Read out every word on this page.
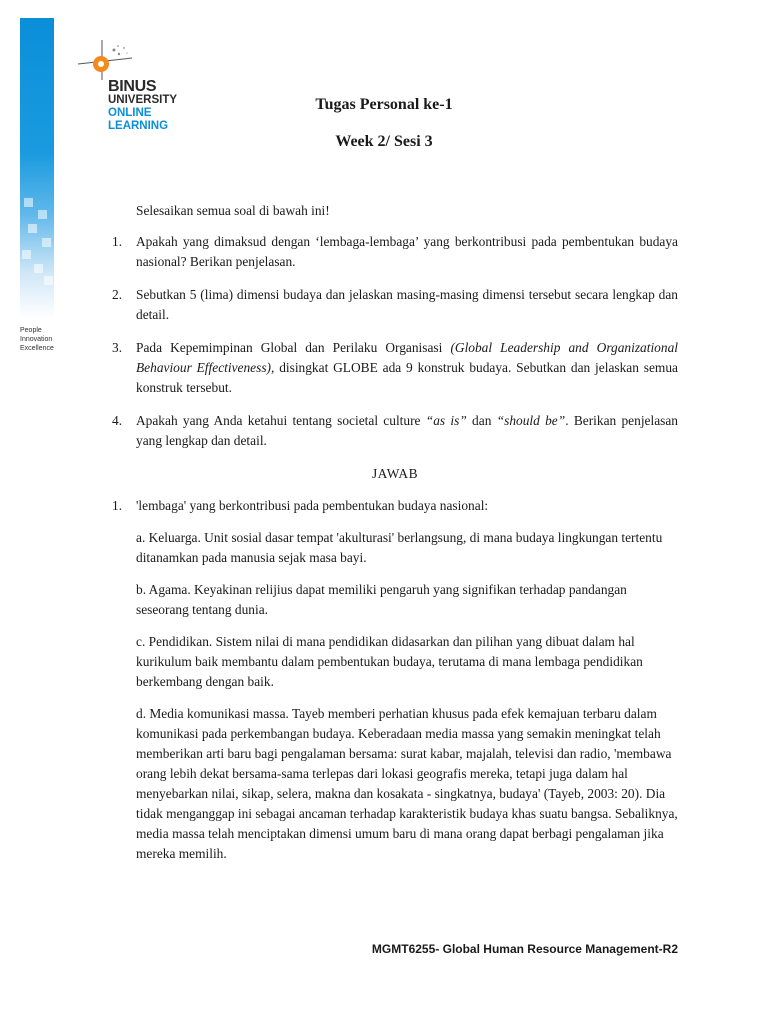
People
Innovation
Excellence
BINUS
UNIVERSITY
ONLINE
LEARNING
Tugas Personal ke-1
Week 2/ Sesi 3

Selesaikan semua soal di bawah ini!

1. Apakah yang dimaksud dengan ‘lembaga-lembaga’ yang berkontribusi pada pembentukan budaya nasional? Berikan penjelasan.
2. Sebutkan 5 (lima) dimensi budaya dan jelaskan masing-masing dimensi tersebut secara lengkap dan detail.
3. Pada Kepemimpinan Global dan Perilaku Organisasi (Global Leadership and Organizational Behaviour Effectiveness), disingkat GLOBE ada 9 konstruk budaya. Sebutkan dan jelaskan semua konstruk tersebut.
4. Apakah yang Anda ketahui tentang societal culture “as is” dan “should be”. Berikan penjelasan yang lengkap dan detail.
JAWAB
1. 'lembaga' yang berkontribusi pada pembentukan budaya nasional:

a. Keluarga. Unit sosial dasar tempat 'akulturasi' berlangsung, di mana budaya lingkungan tertentu ditanamkan pada manusia sejak masa bayi.

b. Agama. Keyakinan relijius dapat memiliki pengaruh yang signifikan terhadap pandangan seseorang tentang dunia.

c. Pendidikan. Sistem nilai di mana pendidikan didasarkan dan pilihan yang dibuat dalam hal kurikulum baik membantu dalam pembentukan budaya, terutama di mana lembaga pendidikan berkembang dengan baik.

d. Media komunikasi massa. Tayeb memberi perhatian khusus pada efek kemajuan terbaru dalam komunikasi pada perkembangan budaya. Keberadaan media massa yang semakin meningkat telah memberikan arti baru bagi pengalaman bersama: surat kabar, majalah, televisi dan radio, 'membawa orang lebih dekat bersama-sama terlepas dari lokasi geografis mereka, tetapi juga dalam hal menyebarkan nilai, sikap, selera, makna dan kosakata - singkatnya, budaya' (Tayeb, 2003: 20). Dia tidak menganggap ini sebagai ancaman terhadap karakteristik budaya khas suatu bangsa. Sebaliknya, media massa telah menciptakan dimensi umum baru di mana orang dapat berbagi pengalaman jika mereka memilih.

MGMT6255- Global Human Resource Management-R2
